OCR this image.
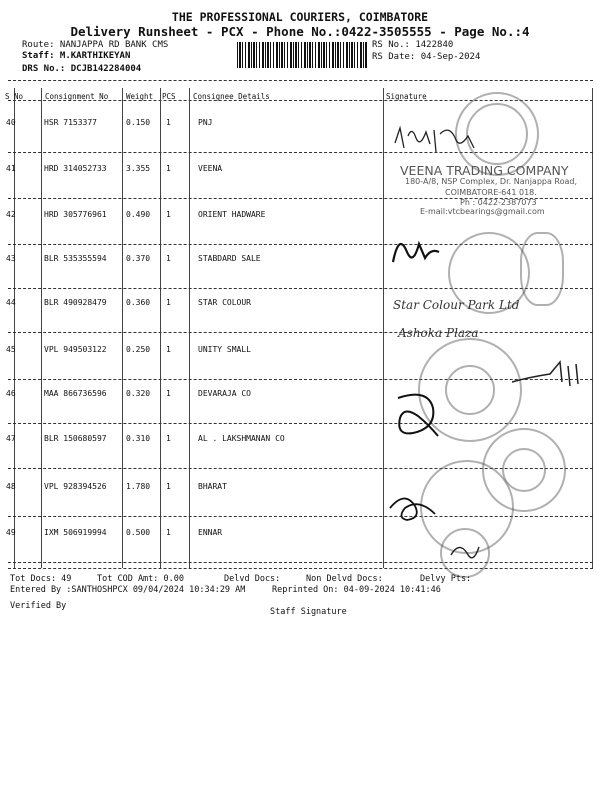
THE PROFESSIONAL COURIERS, COIMBATORE
Delivery Runsheet - PCX - Phone No.:0422-3505555 - Page No.:4
Route: NANJAPPA RD BANK CMS
Staff: M.KARTHIKEYAN
DRS No.: DCJB142284004
RS No.: 1422840
RS Date: 04-Sep-2024
S No	Consignment No Weight PCS Consignee Details	Signature
40	HSR 7153377	0.150 1	PNJ
41	HRD 314052733 3.355 1	VEENA
42	HRD 305776961 0.490 1	ORIENT HADWARE
43	BLR 535355594 0.370 1	STABDARD SALE
44	BLR 490928479 0.360 1	STAR COLOUR
45	VPL 949503122 0.250 1	UNITY SMALL
46	MAA 866736596 0.320 1	DEVARAJA CO
47	BLR 150680597 0.310 1	AL . LAKSHMANAN CO
48	VPL 928394526 1.780 1	BHARAT
49	IXM 506919994 0.500 1	ENNAR
VEENA TRADING COMPANY
180-A/8, NSP Complex, Dr. Nanjappa Road,
COIMBATORE-641 018.
Ph : 0422-2387073
E-mail:vtcbearings@gmail.com
Star Colour Park Ltd
Ashoka Plaza
Tot Docs: 49	Tot COD Amt: 0.00	Delvd Docs:	Non Delvd Docs:	Delvy Pts:
Entered By :SANTHOSHPCX 09/04/2024 10:34:29 AM	Reprinted On: 04-09-2024 10:41:46
Verified By
Staff Signature
